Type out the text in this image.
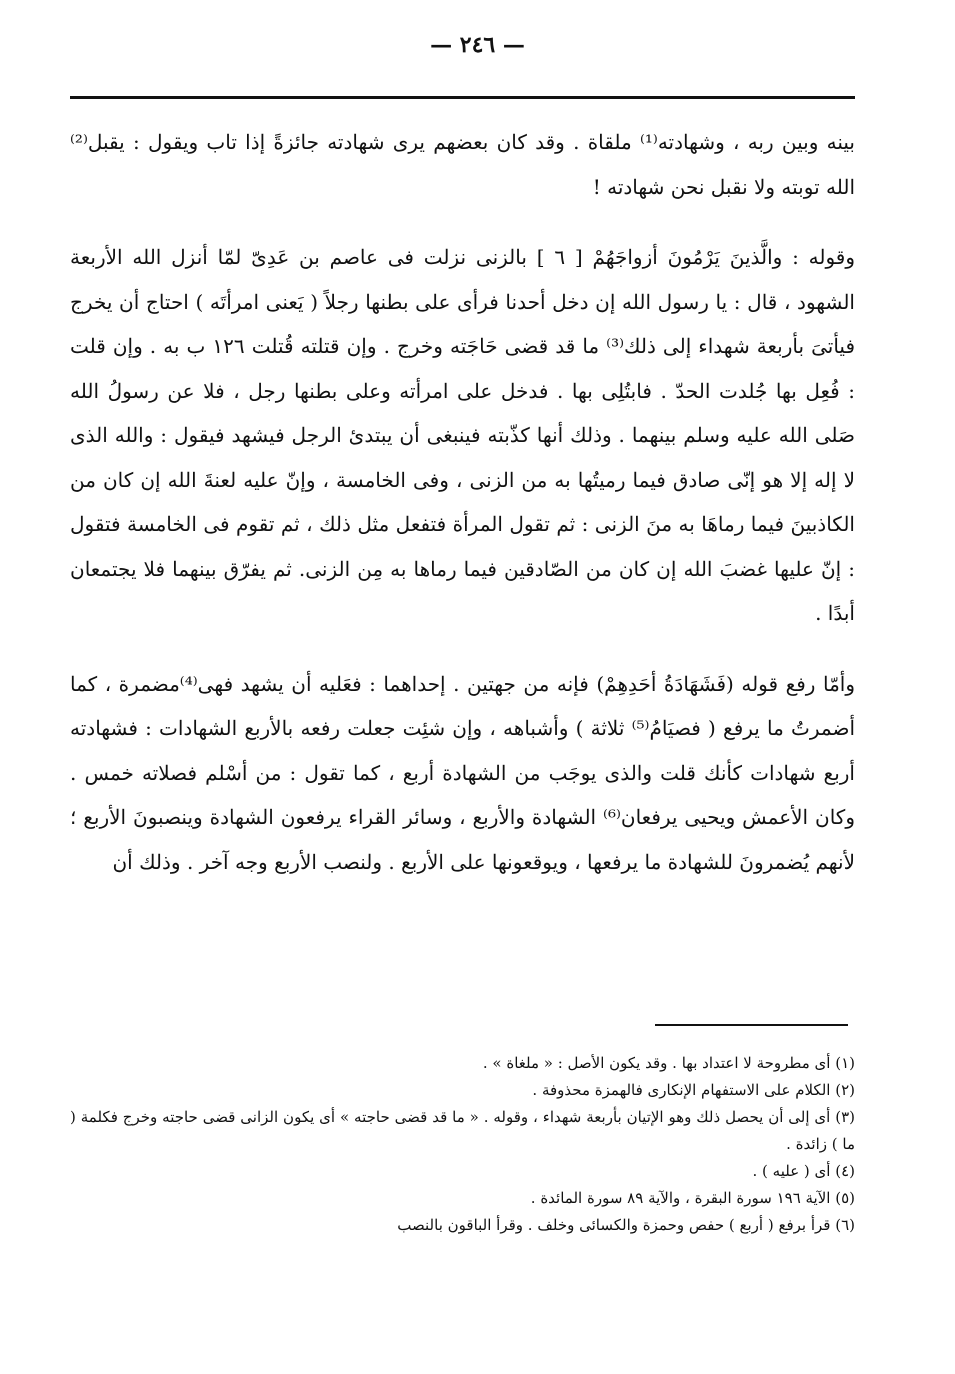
— ٢٤٦ —

بينه وبين ربه ، وشهادته⁽¹⁾ ملقاة . وقد كان بعضهم يرى شهادته جائزةً إذا تاب ويقول : يقبل⁽²⁾ الله توبته ولا نقبل نحن شهادته !

وقوله : والَّذينَ يَرْمُونَ أزواجَهُمْ [ ٦ ] بالزنى نزلت فى عاصم بن عَدِىّ لمّا أنزل الله الأربعة الشهود ، قال : يا رسول الله إن دخل أحدنا فرأى على بطنها رجلاً ( يَعنى امرأتَه ) احتاج أن يخرج فيأتىَ بأربعة شهداء إلى ذلك⁽³⁾ ما قد قضى حَاجَته وخرج . وإن قتلته قُتلت ١٢٦ ب به . وإن قلت : فُعِل بها جُلدت الحدّ . فابتُلِى بها . فدخل على امرأته وعلى بطنها رجل ، فلا عن رسولُ الله صَلى الله عليه وسلم بينهما . وذلك أنها كذّبته فينبغى أن يبتدئ الرجل فيشهد فيقول : والله الذى لا إله إلا هو إنّى صادق فيما رميتُها به من الزنى ، وفى الخامسة ، وإنّ عليه لعنةَ الله إن كان من الكاذبينَ فيما رماهَا به منَ الزنى : ثم تقول المرأة فتفعل مثل ذلك ، ثم تقوم فى الخامسة فتقول : إنّ عليها غضبَ الله إن كان من الصّادقين فيما رماها به مِن الزنى. ثم يفرّق بينهما فلا يجتمعان أبدًا .

وأمّا رفع قوله (فَشَهَادَةُ أحَدِهِمْ) فإنه من جهتين . إحداهما : فعَليه أن يشهد فهى⁽⁴⁾مضمرة ، كما أضمرتُ ما يرفع ( فصيَامُ⁽⁵⁾ ثلاثة ) وأشباهه ، وإن شئِت جعلت رفعه بالأربع الشهادات : فشهادته أربع شهادات كأنك قلت والذى يوجَب من الشهادة أربع ، كما تقول : من أسْلم فصلاته خمس . وكان الأعمش ويحيى يرفعان⁽⁶⁾ الشهادة والأربع ، وسائر القراء يرفعون الشهادة وينصبونَ الأربع ؛ لأنهم يُضمرونَ للشهادة ما يرفعها ، ويوقعونها على الأربع . ولنصب الأربع وجه آخر . وذلك أن

(١) أى مطروحة لا اعتداد بها . وقد يكون الأصل : « ملغاة » .

(٢) الكلام على الاستفهام الإنكارى فالهمزة محذوفة .

(٣) أى إلى أن يحصل ذلك وهو الإتيان بأربعة شهداء ، وقوله . « ما قد قضى حاجته » أى يكون الزانى قضى حاجته وخرج فكلمة ( ما ) زائدة .

(٤) أى ( عليه ) .

(٥) الآية ١٩٦ سورة البقرة ، والآية ٨٩ سورة المائدة .

(٦) قرأ برفع ( أربع ) حفص وحمزة والكسائى وخلف . وقرأ الباقون بالنصب
